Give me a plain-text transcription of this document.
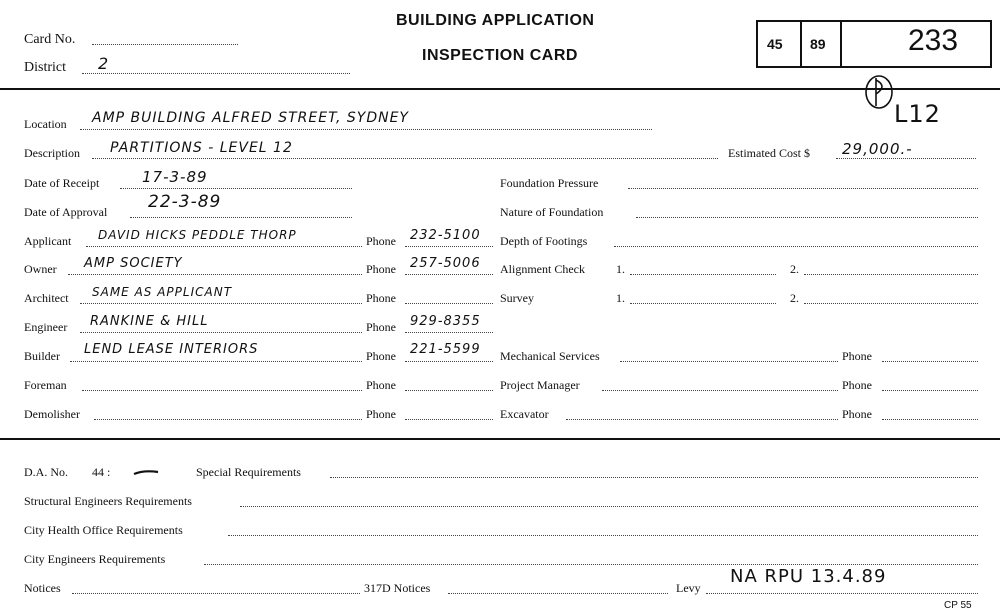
Card No.
District 2
BUILDING APPLICATION
INSPECTION CARD
45 89	233
L12
Location AMP BUILDING ALFRED STREET, SYDNEY
Description PARTITIONS - LEVEL 12	Estimated Cost $ 29,000.-
Date of Receipt	17-3-89
Date of Approval 22-3-89
Applicant DAVID HICKS PEDDLE THORP	Phone 232-5100
Owner AMP SOCIETY	Phone 257-5006
Architect SAME AS APPLICANT	Phone
Engineer RANKINE & HILL	Phone 929-8355
Builder LEND LEASE INTERIORS	Phone 221-5599
Foreman	Phone
Demolisher	Phone
Foundation Pressure
Nature of Foundation
Depth of Footings
Alignment Check	1.	2.
Survey	1.	2.
Mechanical Services	Phone
Project Manager	Phone
Excavator	Phone
D.A. No. 44 :	Special Requirements
Structural Engineers Requirements
City Health Office Requirements
City Engineers Requirements
Notices	317D Notices	Levy
NA RPU 13.4.89
CP 55
